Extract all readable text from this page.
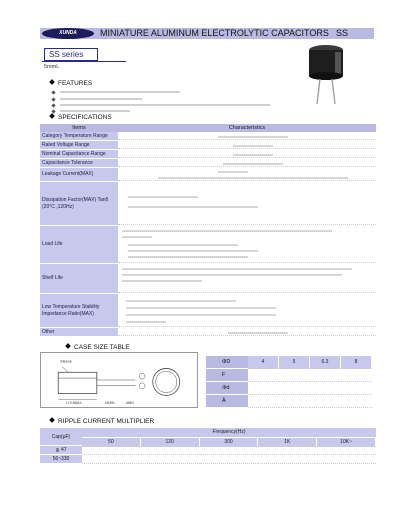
XUNDA	MINIATURE ALUMINUM ELECTROLYTIC CAPACITORS SS
SS series
5mmL
FEATURES
SPECIFICATIONS
Items	Characteristics
Category Temperature Range
Rated Voltage Range
Nominal Capacitance Range
Capacitance Tolerance
Leakage Current(MAX)
Dissipation Factor(MAX) Tanδ (20°C ,120Hz)
Load Life
Shelf Life
Low Temperature Stability Impedance Ratio(MAX)
Other
CASE SIZE TABLE
Sleeve
L+0.5MAX	15MIN	4MIN
ΦD	4	5	6.3	8
F
Φd
Â
RIPPLE CURRENT MULTIPLIER
Cap(μF)
Frequency(Hz)
50	120	300	1K	10K~
≦ 47
56~330
